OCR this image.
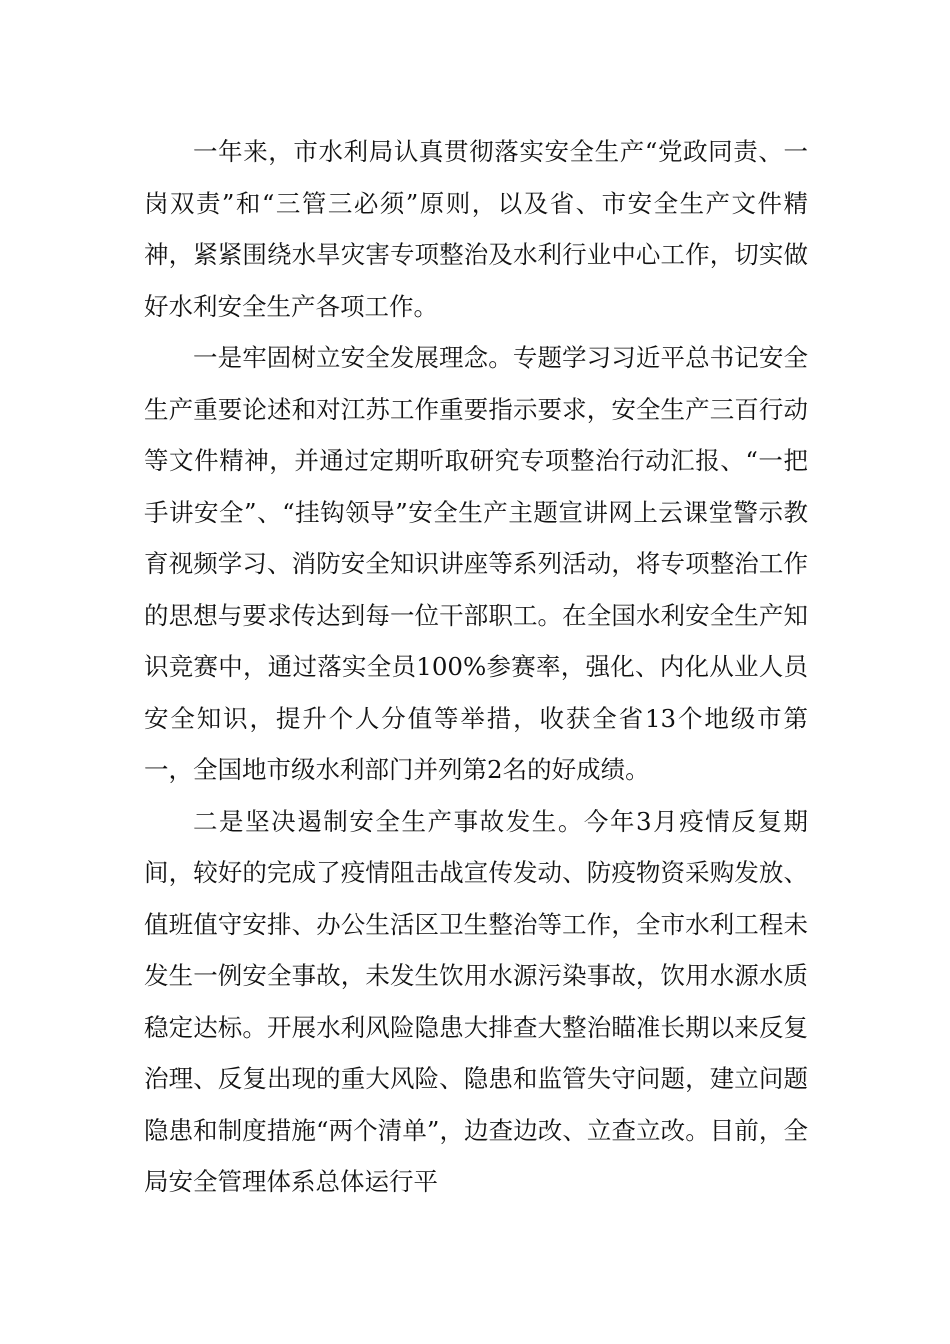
一年来，市水利局认真贯彻落实安全生产“党政同责、一岗双责”和“三管三必须”原则，以及省、市安全生产文件精神，紧紧围绕水旱灾害专项整治及水利行业中心工作，切实做好水利安全生产各项工作。

一是牢固树立安全发展理念。专题学习习近平总书记安全生产重要论述和对江苏工作重要指示要求，安全生产三百行动等文件精神，并通过定期听取研究专项整治行动汇报、“一把手讲安全”、“挂钩领导”安全生产主题宣讲网上云课堂警示教育视频学习、消防安全知识讲座等系列活动，将专项整治工作的思想与要求传达到每一位干部职工。在全国水利安全生产知识竞赛中，通过落实全员100%参赛率，强化、内化从业人员安全知识，提升个人分值等举措，收获全省13个地级市第一，全国地市级水利部门并列第2名的好成绩。

二是坚决遏制安全生产事故发生。今年3月疫情反复期间，较好的完成了疫情阻击战宣传发动、防疫物资采购发放、值班值守安排、办公生活区卫生整治等工作，全市水利工程未发生一例安全事故，未发生饮用水源污染事故，饮用水源水质稳定达标。开展水利风险隐患大排查大整治瞄准长期以来反复治理、反复出现的重大风险、隐患和监管失守问题，建立问题隐患和制度措施“两个清单”，边查边改、立查立改。目前，全局安全管理体系总体运行平
